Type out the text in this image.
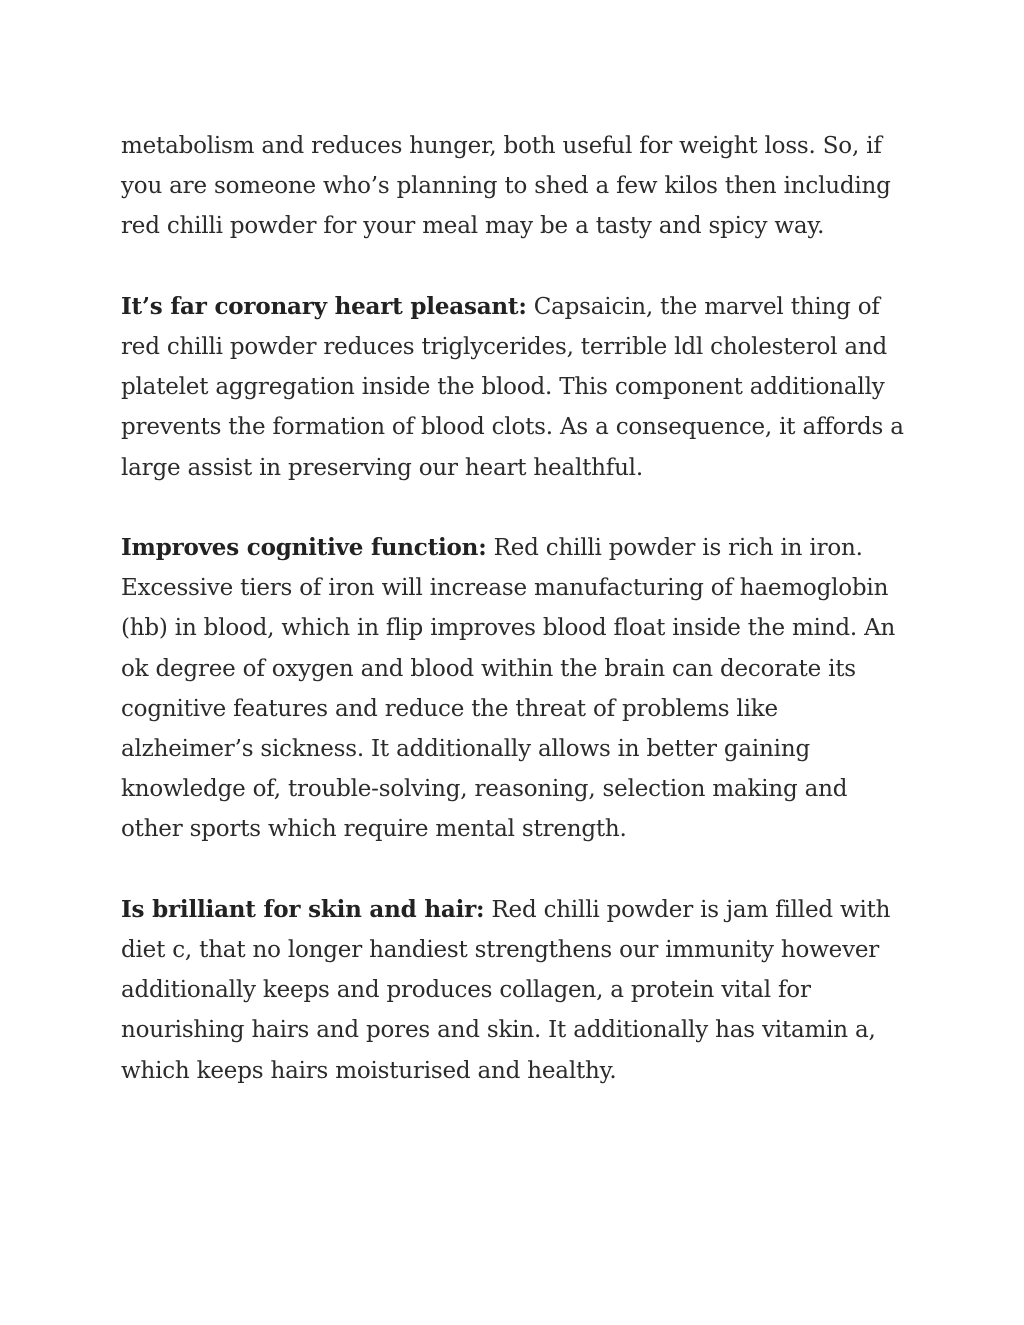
metabolism and reduces hunger, both useful for weight loss. So, if you are someone who’s planning to shed a few kilos then including red chilli powder for your meal may be a tasty and spicy way.

It’s far coronary heart pleasant: Capsaicin, the marvel thing of red chilli powder reduces triglycerides, terrible ldl cholesterol and platelet aggregation inside the blood. This component additionally prevents the formation of blood clots. As a consequence, it affords a large assist in preserving our heart healthful.

Improves cognitive function: Red chilli powder is rich in iron. Excessive tiers of iron will increase manufacturing of haemoglobin (hb) in blood, which in flip improves blood float inside the mind. An ok degree of oxygen and blood within the brain can decorate its cognitive features and reduce the threat of problems like alzheimer’s sickness. It additionally allows in better gaining knowledge of, trouble-solving, reasoning, selection making and other sports which require mental strength.

Is brilliant for skin and hair: Red chilli powder is jam filled with diet c, that no longer handiest strengthens our immunity however additionally keeps and produces collagen, a protein vital for nourishing hairs and pores and skin. It additionally has vitamin a, which keeps hairs moisturised and healthy.
